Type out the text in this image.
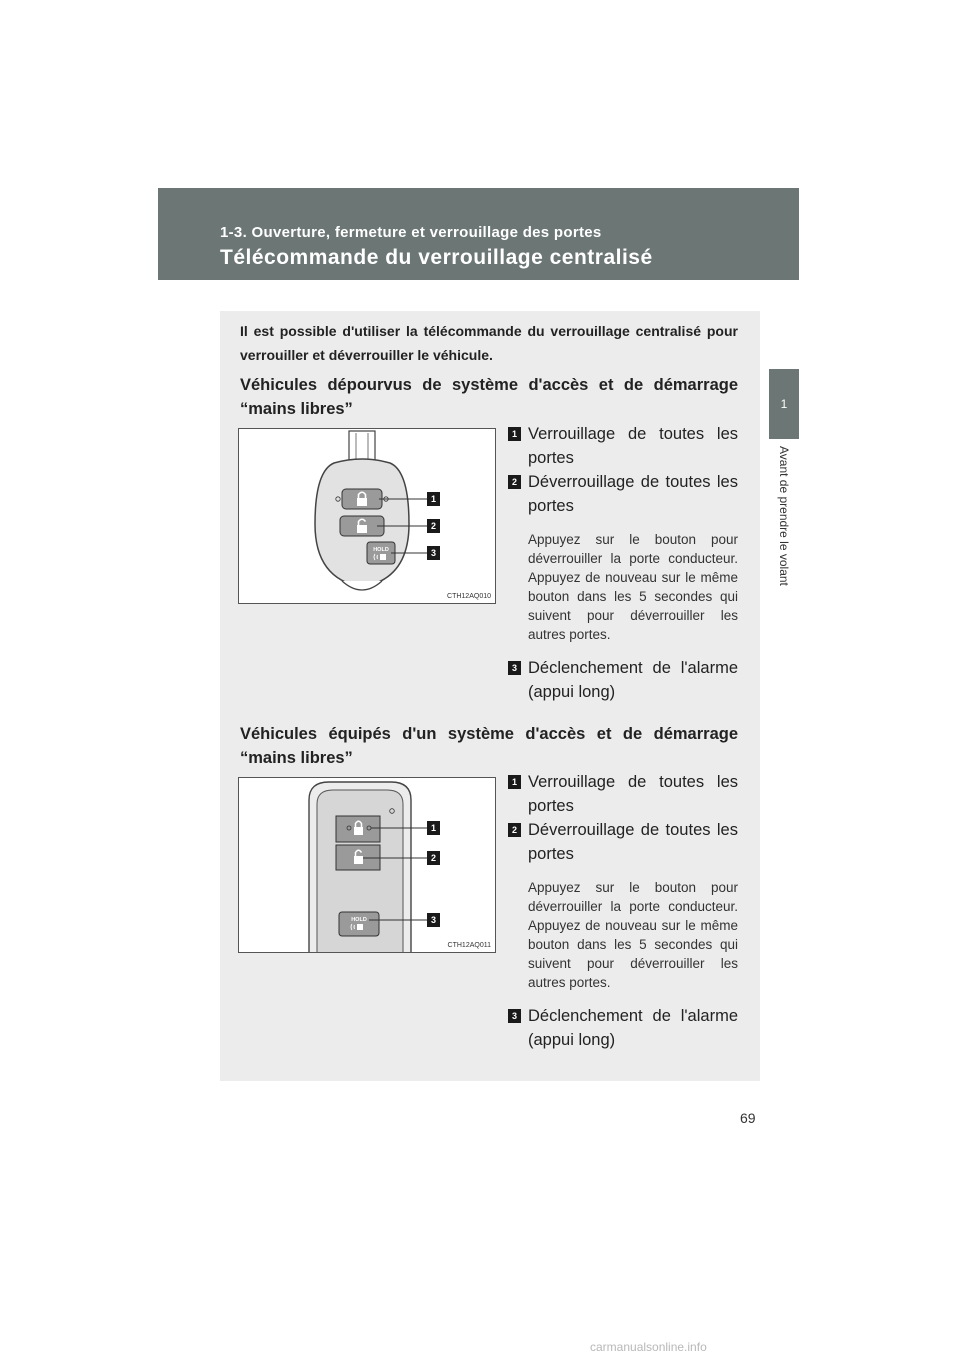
1-3. Ouverture, fermeture et verrouillage des portes
Télécommande du verrouillage centralisé
1
Avant de prendre le volant
Il est possible d'utiliser la télécommande du verrouillage centralisé pour verrouiller et déverrouiller le véhicule.
Véhicules dépourvus de système d'accès et de démarrage “mains libres”
HOLD
1
2
3
CTH12AQ010
1 Verrouillage de toutes les portes
2 Déverrouillage de toutes les portes
Appuyez sur le bouton pour déverrouiller la porte conducteur. Appuyez de nouveau sur le même bouton dans les 5 secondes qui suivent pour déverrouiller les autres portes.
3 Déclenchement de l'alarme (appui long)
Véhicules équipés d'un système d'accès et de démarrage “mains libres”
HOLD
1
2
3
CTH12AQ011
1 Verrouillage de toutes les portes
2 Déverrouillage de toutes les portes
Appuyez sur le bouton pour déverrouiller la porte conducteur. Appuyez de nouveau sur le même bouton dans les 5 secondes qui suivent pour déverrouiller les autres portes.
3 Déclenchement de l'alarme (appui long)
69
carmanualsonline.info
